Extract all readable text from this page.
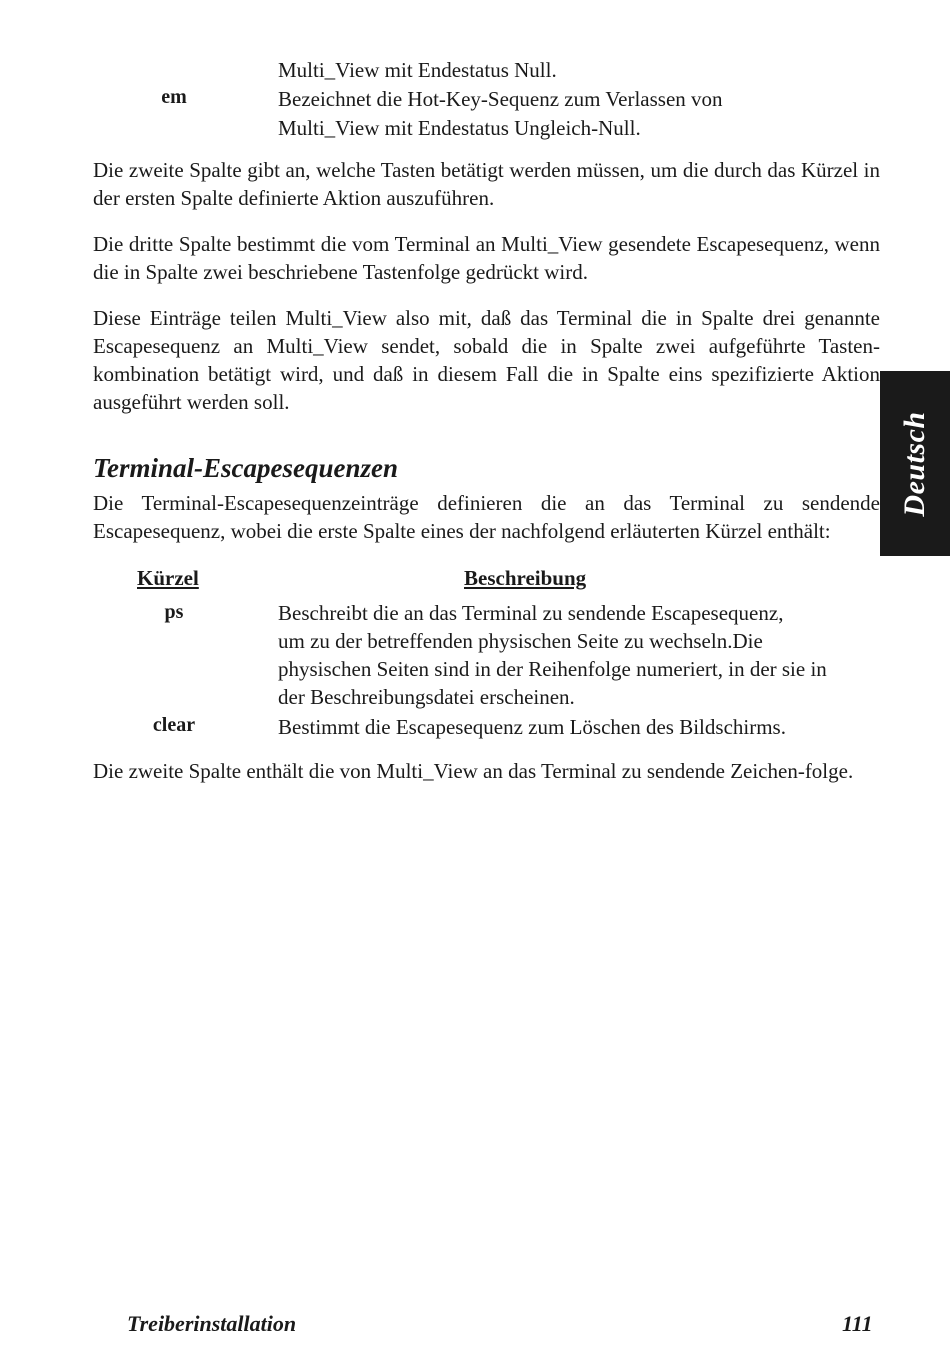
Multi_View mit Endestatus Null.
em	Bezeichnet die Hot-Key-Sequenz zum Verlassen von
Multi_View mit Endestatus Ungleich-Null.
Die zweite Spalte gibt an, welche Tasten betätigt werden müssen, um die durch das Kürzel in der ersten Spalte definierte Aktion auszuführen.
Die dritte Spalte bestimmt die vom Terminal an Multi_View gesendete Escapesequenz, wenn die in Spalte zwei beschriebene Tastenfolge gedrückt wird.
Diese Einträge teilen Multi_View also mit, daß das Terminal die in Spalte drei genannte Escapesequenz an Multi_View sendet, sobald die in Spalte zwei aufgeführte Tasten-kombination betätigt wird, und daß in diesem Fall die in Spalte eins spezifizierte Aktion ausgeführt werden soll.
Deutsch
Terminal-Escapesequenzen
Die Terminal-Escapesequenzeinträge definieren die an das Terminal zu sendende Escapesequenz, wobei die erste Spalte eines der nachfolgend erläuterten Kürzel enthält:
Kürzel	Beschreibung
ps	Beschreibt die an das Terminal zu sendende Escapesequenz,
um zu der betreffenden physischen Seite zu wechseln.Die
physischen Seiten sind in der Reihenfolge numeriert, in der sie in
der Beschreibungsdatei erscheinen.
clear	Bestimmt die Escapesequenz zum Löschen des Bildschirms.
Die zweite Spalte enthält die von Multi_View an das Terminal zu sendende Zeichen-folge.
Treiberinstallation	111
